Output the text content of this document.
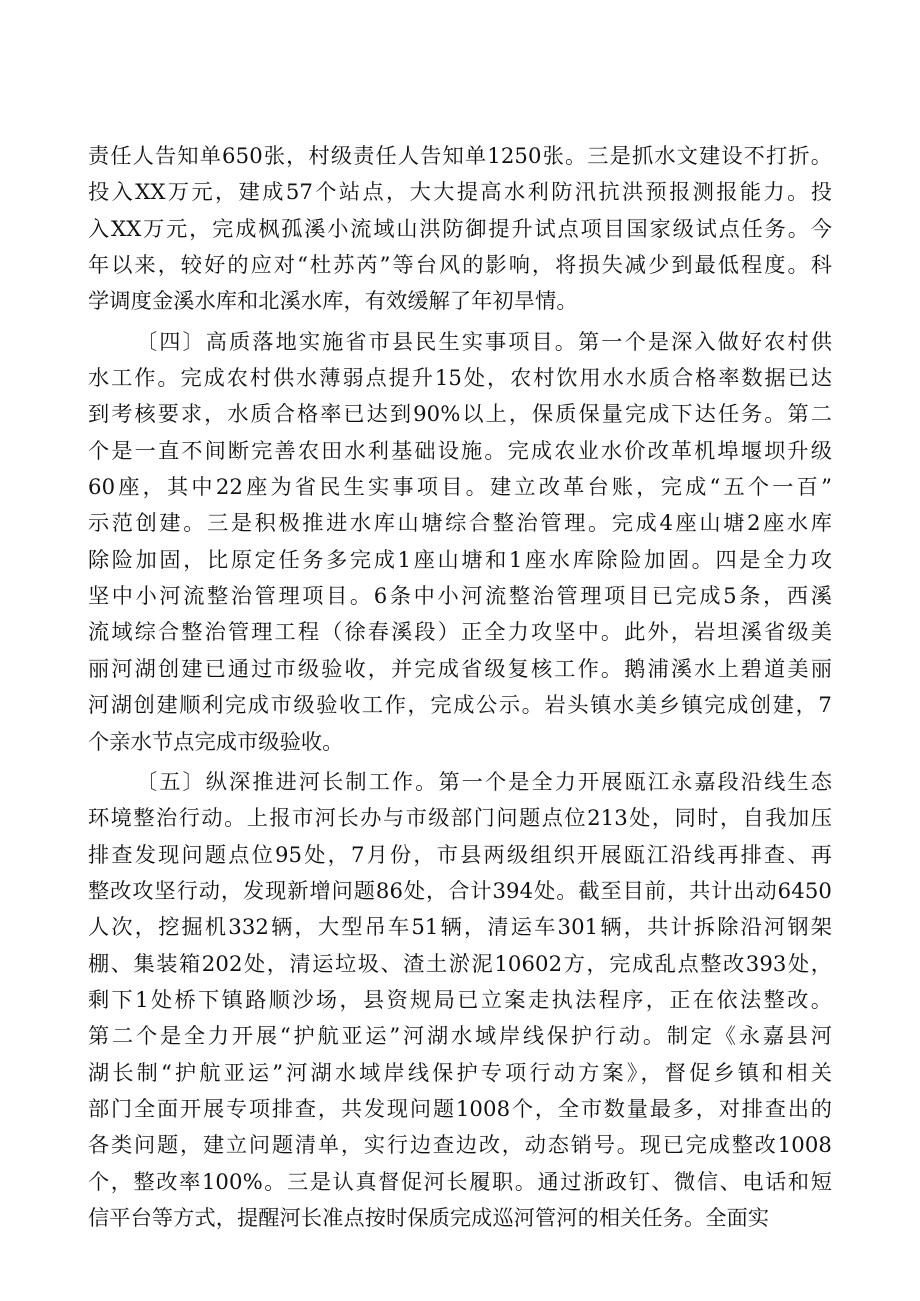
责任人告知单650张，村级责任人告知单1250张。三是抓水文建设不打折。
投入XX万元，建成57个站点，大大提高水利防汛抗洪预报测报能力。投
入XX万元，完成枫孤溪小流域山洪防御提升试点项目国家级试点任务。今
年以来，较好的应对“杜苏芮”等台风的影响，将损失减少到最低程度。科
学调度金溪水库和北溪水库，有效缓解了年初旱情。
〔四〕高质落地实施省市县民生实事项目。第一个是深入做好农村供
水工作。完成农村供水薄弱点提升15处，农村饮用水水质合格率数据已达
到考核要求，水质合格率已达到90%以上，保质保量完成下达任务。第二
个是一直不间断完善农田水利基础设施。完成农业水价改革机埠堰坝升级
60座，其中22座为省民生实事项目。建立改革台账，完成“五个一百”
示范创建。三是积极推进水库山塘综合整治管理。完成4座山塘2座水库
除险加固，比原定任务多完成1座山塘和1座水库除险加固。四是全力攻
坚中小河流整治管理项目。6条中小河流整治管理项目已完成5条，西溪
流域综合整治管理工程（徐春溪段）正全力攻坚中。此外，岩坦溪省级美
丽河湖创建已通过市级验收，并完成省级复核工作。鹅浦溪水上碧道美丽
河湖创建顺利完成市级验收工作，完成公示。岩头镇水美乡镇完成创建，7
个亲水节点完成市级验收。
〔五〕纵深推进河长制工作。第一个是全力开展瓯江永嘉段沿线生态
环境整治行动。上报市河长办与市级部门问题点位213处，同时，自我加压
排查发现问题点位95处，7月份，市县两级组织开展瓯江沿线再排查、再
整改攻坚行动，发现新增问题86处，合计394处。截至目前，共计出动6450
人次，挖掘机332辆，大型吊车51辆，清运车301辆，共计拆除沿河钢架
棚、集装箱202处，清运垃圾、渣土淤泥10602方，完成乱点整改393处，
剩下1处桥下镇路顺沙场，县资规局已立案走执法程序，正在依法整改。
第二个是全力开展“护航亚运”河湖水域岸线保护行动。制定《永嘉县河
湖长制“护航亚运”河湖水域岸线保护专项行动方案》，督促乡镇和相关
部门全面开展专项排查，共发现问题1008个，全市数量最多，对排查出的
各类问题，建立问题清单，实行边查边改，动态销号。现已完成整改1008
个，整改率100%。三是认真督促河长履职。通过浙政钉、微信、电话和短
信平台等方式，提醒河长准点按时保质完成巡河管河的相关任务。全面实
